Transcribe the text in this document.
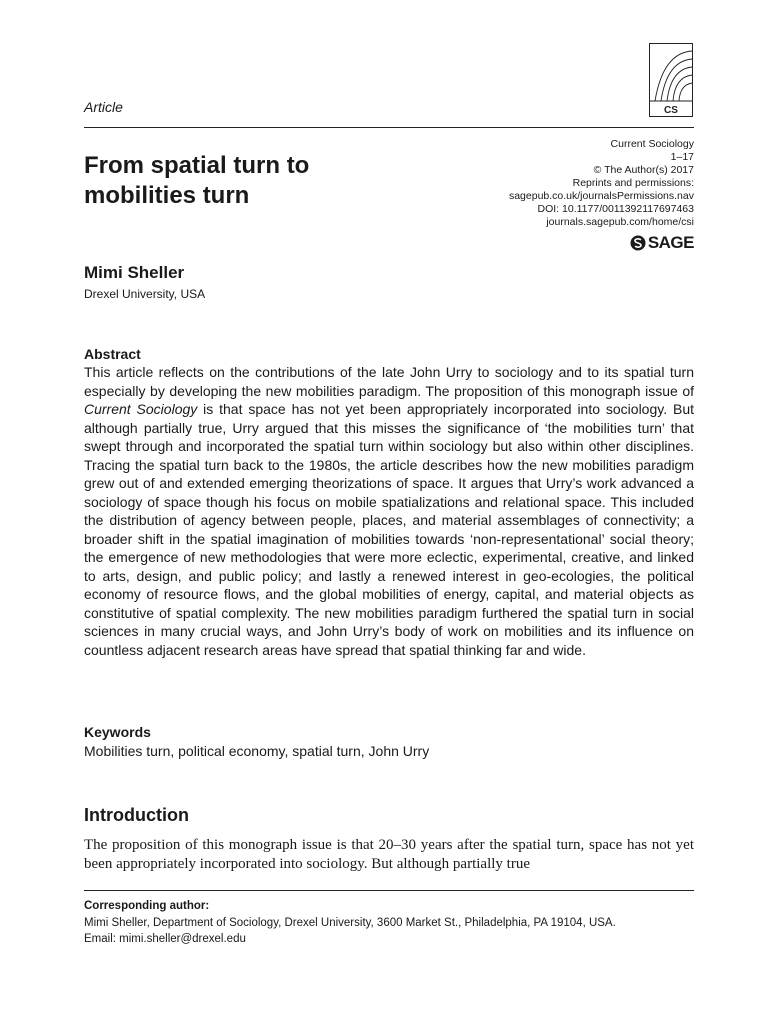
CS
Article
From spatial turn to
mobilities turn
Current Sociology
1–17
© The Author(s) 2017
Reprints and permissions:
sagepub.co.uk/journalsPermissions.nav
DOI: 10.1177/0011392117697463
journals.sagepub.com/home/csi
SAGE
Mimi Sheller
Drexel University, USA
Abstract

This article reflects on the contributions of the late John Urry to sociology and to its spatial turn especially by developing the new mobilities paradigm. The proposition of this monograph issue of Current Sociology is that space has not yet been appropriately incorporated into sociology. But although partially true, Urry argued that this misses the significance of ‘the mobilities turn’ that swept through and incorporated the spatial turn within sociology but also within other disciplines. Tracing the spatial turn back to the 1980s, the article describes how the new mobilities paradigm grew out of and extended emerging theorizations of space. It argues that Urry’s work advanced a sociology of space though his focus on mobile spatializations and relational space. This included the distribution of agency between people, places, and material assemblages of connectivity; a broader shift in the spatial imagination of mobilities towards ‘non-representational’ social theory; the emergence of new methodologies that were more eclectic, experimental, creative, and linked to arts, design, and public policy; and lastly a renewed interest in geo-ecologies, the political economy of resource flows, and the global mobilities of energy, capital, and material objects as constitutive of spatial complexity. The new mobilities paradigm furthered the spatial turn in social sciences in many crucial ways, and John Urry’s body of work on mobilities and its influence on countless adjacent research areas have spread that spatial thinking far and wide.

Keywords
Mobilities turn, political economy, spatial turn, John Urry
Introduction

The proposition of this monograph issue is that 20–30 years after the spatial turn, space has not yet been appropriately incorporated into sociology. But although partially true

Corresponding author:
Mimi Sheller, Department of Sociology, Drexel University, 3600 Market St., Philadelphia, PA 19104, USA.
Email: mimi.sheller@drexel.edu
